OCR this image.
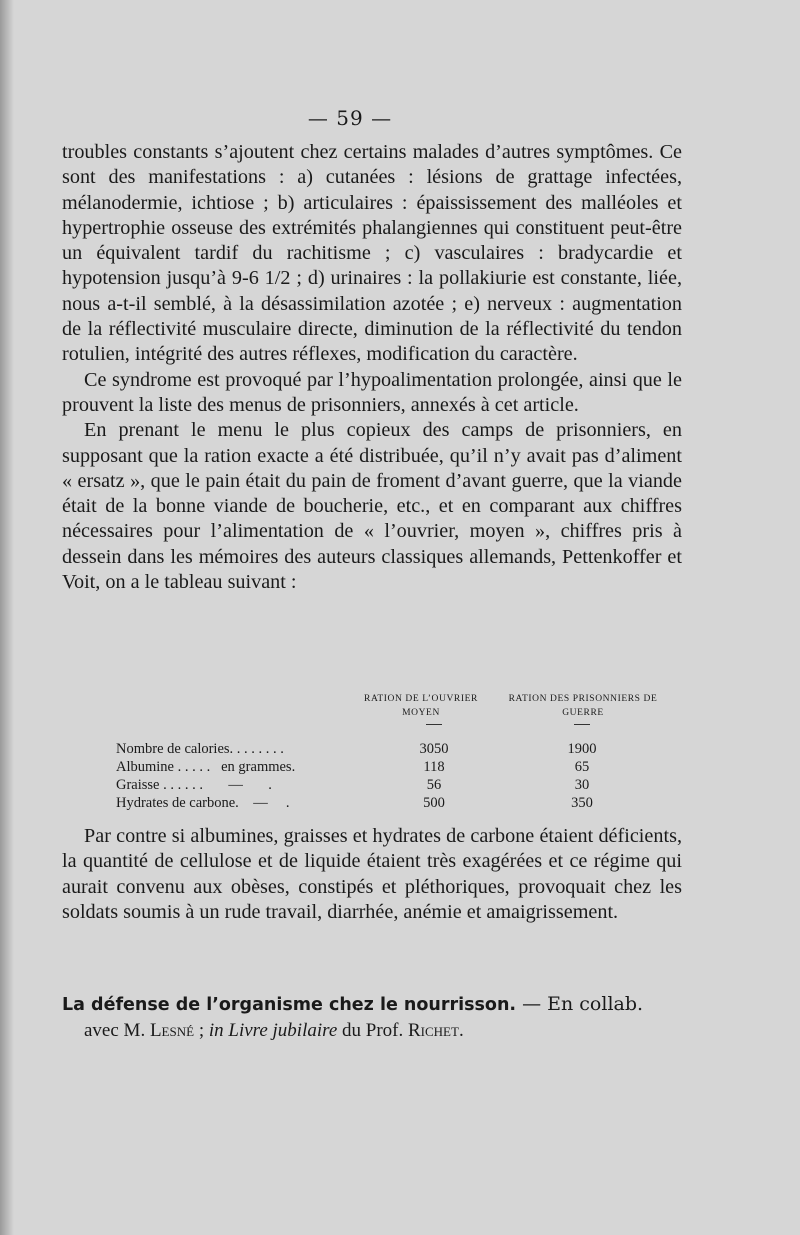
— 59 —

troubles constants s’ajoutent chez certains malades d’autres symptômes. Ce sont des manifestations : a) cutanées : lésions de grattage infectées, mélanodermie, ichtiose ; b) articulaires : épaississement des malléoles et hypertrophie osseuse des extrémités phalangiennes qui constituent peut-être un équivalent tardif du rachitisme ; c) vasculaires : bradycardie et hypotension jusqu’à 9-6 1/2 ; d) urinaires : la pollakiurie est constante, liée, nous a-t-il semblé, à la désassimilation azotée ; e) nerveux : augmentation de la réflectivité musculaire directe, diminution de la réflectivité du tendon rotulien, intégrité des autres réflexes, modification du caractère.

Ce syndrome est provoqué par l’hypoalimentation prolongée, ainsi que le prouvent la liste des menus de prisonniers, annexés à cet article.

En prenant le menu le plus copieux des camps de prisonniers, en supposant que la ration exacte a été distribuée, qu’il n’y avait pas d’aliment « ersatz », que le pain était du pain de froment d’avant guerre, que la viande était de la bonne viande de boucherie, etc., et en comparant aux chiffres nécessaires pour l’alimentation de « l’ouvrier, moyen », chiffres pris à dessein dans les mémoires des auteurs classiques allemands, Pettenkoffer et Voit, on a le tableau suivant :

RATION DE L’OUVRIER MOYEN
RATION DES PRISONNIERS DE GUERRE
Nombre de calories. . . . . . . .	3050	1900
Albumine . . . . .   en grammes.	118	65
Graisse . . . . . .       —       .	56	30
Hydrates de carbone.    —     .	500	350

Par contre si albumines, graisses et hydrates de carbone étaient déficients, la quantité de cellulose et de liquide étaient très exagérées et ce régime qui aurait convenu aux obèses, constipés et pléthoriques, provoquait chez les soldats soumis à un rude travail, diarrhée, anémie et amaigrissement.

La défense de l’organisme chez le nourrisson. — En collab.
avec M. Lesné ; in Livre jubilaire du Prof. Richet.
